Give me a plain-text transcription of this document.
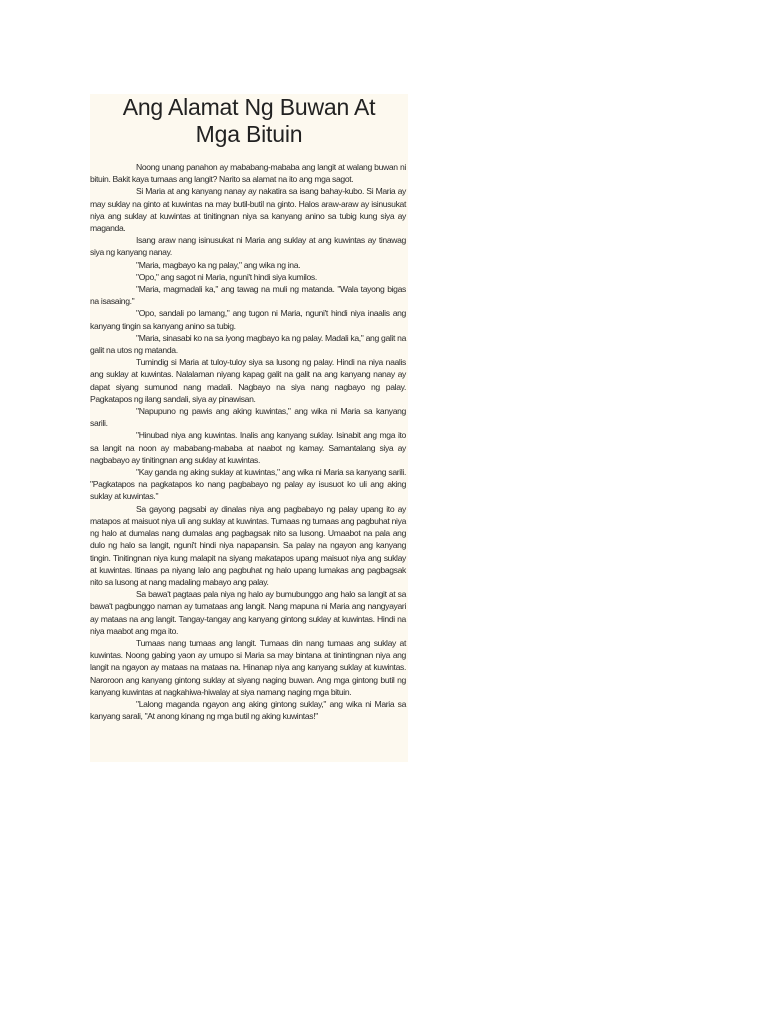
Ang Alamat Ng Buwan At
Mga Bituin

Noong unang panahon ay mababang-mababa ang langit at walang buwan ni bituin. Bakit kaya tumaas ang langit? Narito sa alamat na ito ang mga sagot.

Si Maria at ang kanyang nanay ay nakatira sa isang bahay-kubo. Si Maria ay may suklay na ginto at kuwintas na may butil-butil na ginto. Halos araw-araw ay isinusukat niya ang suklay at kuwintas at tinitingnan niya sa kanyang anino sa tubig kung siya ay maganda.

Isang araw nang isinusukat ni Maria ang suklay at ang kuwintas ay tinawag siya ng kanyang nanay.

"Maria, magbayo ka ng palay," ang wika ng ina.

"Opo," ang sagot ni Maria, nguni't hindi siya kumilos.

"Maria, magmadali ka," ang tawag na muli ng matanda. "Wala tayong bigas na isasaing."

"Opo, sandali po lamang," ang tugon ni Maria, nguni't hindi niya inaalis ang kanyang tingin sa kanyang anino sa tubig.

"Maria, sinasabi ko na sa iyong magbayo ka ng palay. Madali ka," ang galit na galit na utos ng matanda.

Tumindig si Maria at tuloy-tuloy siya sa lusong ng palay. Hindi na niya naalis ang suklay at kuwintas. Nalalaman niyang kapag galit na galit na ang kanyang nanay ay dapat siyang sumunod nang madali. Nagbayo na siya nang nagbayo ng palay. Pagkatapos ng ilang sandali, siya ay pinawisan.

"Napupuno ng pawis ang aking kuwintas," ang wika ni Maria sa kanyang sarili.

"Hinubad niya ang kuwintas. Inalis ang kanyang suklay. Isinabit ang mga ito sa langit na noon ay mababang-mababa at naabot ng kamay. Samantalang siya ay nagbabayo ay tinitingnan ang suklay at kuwintas.

"Kay ganda ng aking suklay at kuwintas," ang wika ni Maria sa kanyang sarili. "Pagkatapos na pagkatapos ko nang pagbabayo ng palay ay isusuot ko uli ang aking suklay at kuwintas."

Sa gayong pagsabi ay dinalas niya ang pagbabayo ng palay upang ito ay matapos at maisuot niya uli ang suklay at kuwintas. Tumaas ng tumaas ang pagbuhat niya ng halo at dumalas nang dumalas ang pagbagsak nito sa lusong. Umaabot na pala ang dulo ng halo sa langit, nguni't hindi niya napapansin. Sa palay na ngayon ang kanyang tingin. Tinitingnan niya kung malapit na siyang makatapos upang maisuot niya ang suklay at kuwintas. Itinaas pa niyang lalo ang pagbuhat ng halo upang lumakas ang pagbagsak nito sa lusong at nang madaling mabayo ang palay.

Sa bawa't pagtaas pala niya ng halo ay bumubunggo ang halo sa langit at sa bawa't pagbunggo naman ay tumataas ang langit. Nang mapuna ni Maria ang nangyayari ay mataas na ang langit. Tangay-tangay ang kanyang gintong suklay at kuwintas. Hindi na niya maabot ang mga ito.

Tumaas nang tumaas ang langit. Tumaas din nang tumaas ang suklay at kuwintas. Noong gabing yaon ay umupo si Maria sa may bintana at tinintingnan niya ang langit na ngayon ay mataas na mataas na. Hinanap niya ang kanyang suklay at kuwintas. Naroroon ang kanyang gintong suklay at siyang naging buwan. Ang mga gintong butil ng kanyang kuwintas at nagkahiwa-hiwalay at siya namang naging mga bituin.

"Lalong maganda ngayon ang aking gintong suklay," ang wika ni Maria sa kanyang sarali, "At anong kinang ng mga butil ng aking kuwintas!"
